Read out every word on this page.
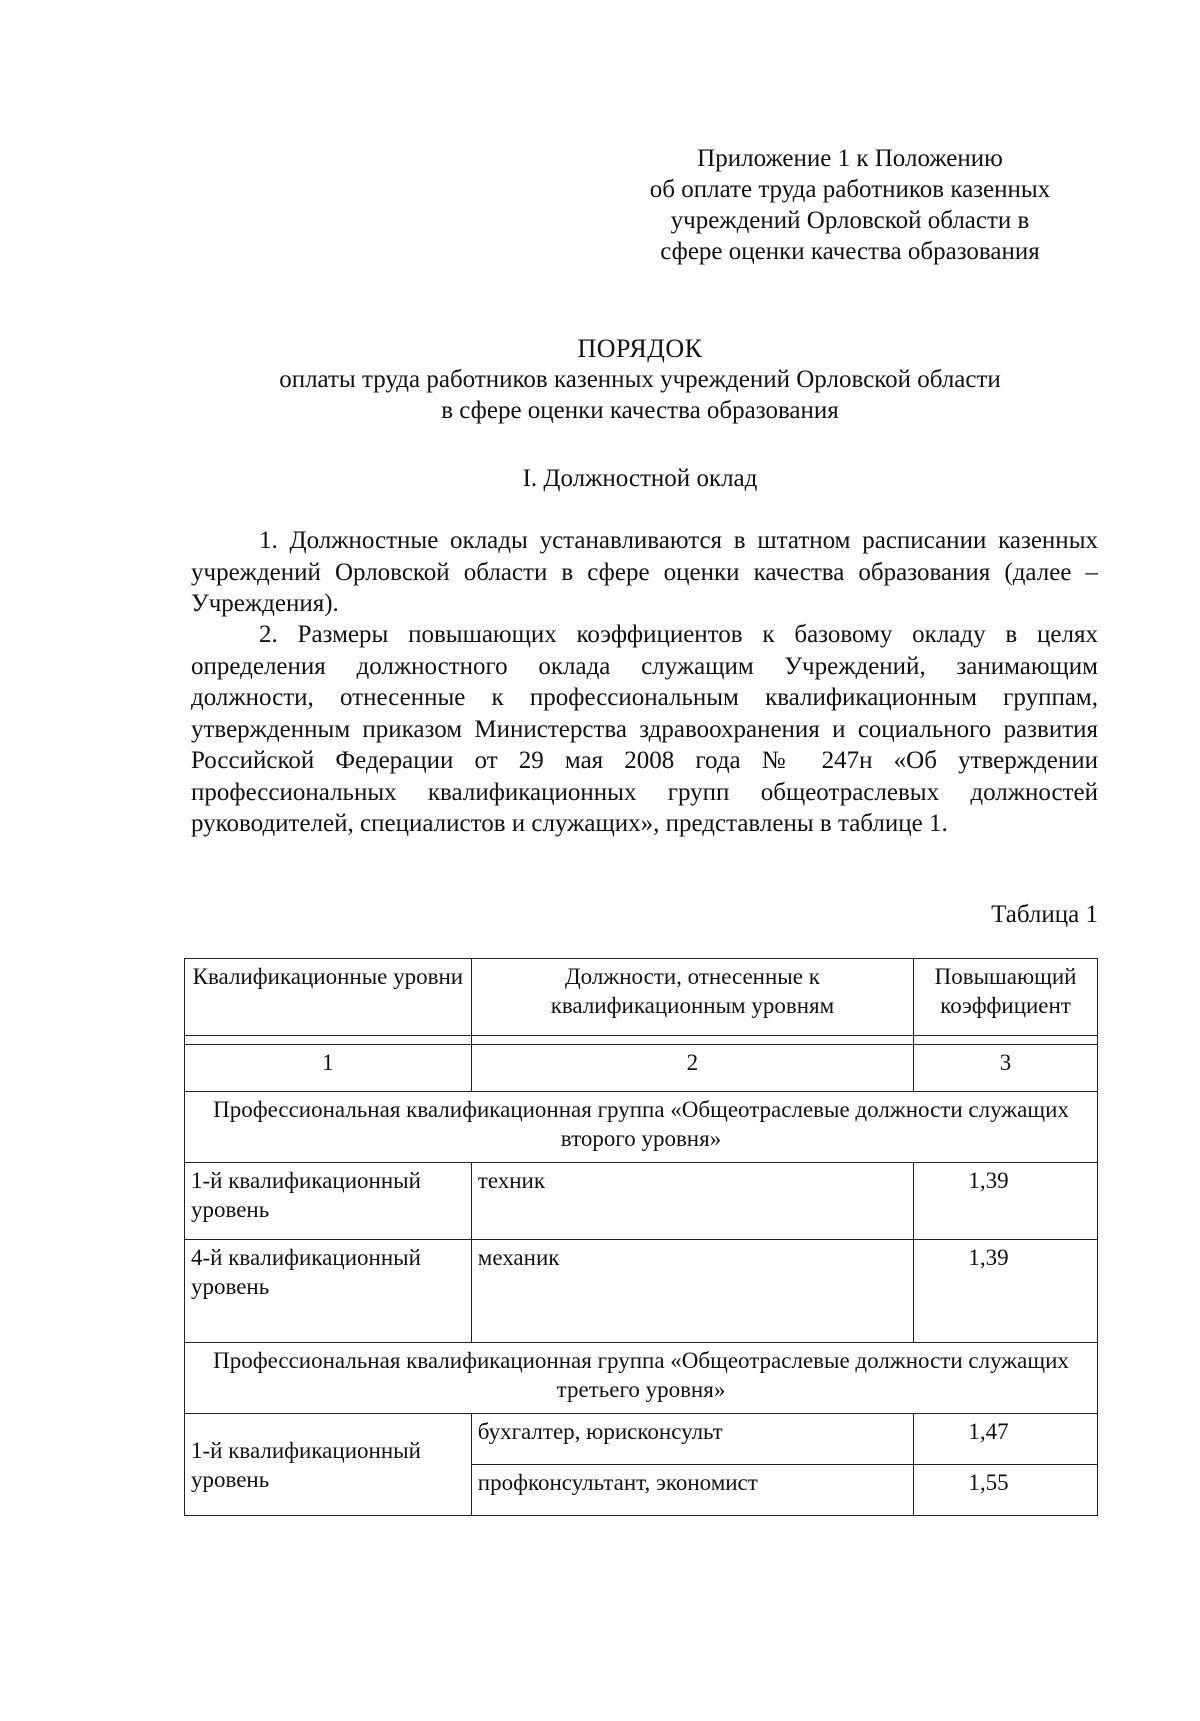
Приложение 1 к Положению
об оплате труда работников казенных
учреждений Орловской области в
сфере оценки качества образования
ПОРЯДОК
оплаты труда работников казенных учреждений Орловской области
в сфере оценки качества образования
I. Должностной оклад

1. Должностные оклады устанавливаются в штатном расписании казенных учреждений Орловской области в сфере оценки качества образования (далее – Учреждения).

2. Размеры повышающих коэффициентов к базовому окладу в целях определения должностного оклада служащим Учреждений, занимающим должности, отнесенные к профессиональным квалификационным группам, утвержденным приказом Министерства здравоохранения и социального развития Российской Федерации от 29 мая 2008 года № 247н «Об утверждении профессиональных квалификационных групп общеотраслевых должностей руководителей, специалистов и служащих», представлены в таблице 1.

Таблица 1
Квалификационные уровни	Должности, отнесенные к квалификационным уровням	Повышающий коэффициент

1	2	3
Профессиональная квалификационная группа «Общеотраслевые должности служащих второго уровня»		
1-й квалификационный уровень	техник	1,39
4-й квалификационный уровень	механик	1,39
Профессиональная квалификационная группа «Общеотраслевые должности служащих третьего уровня»		
1-й квалификационный уровень	бухгалтер, юрисконсульт	1,47
	профконсультант, экономист	1,55
